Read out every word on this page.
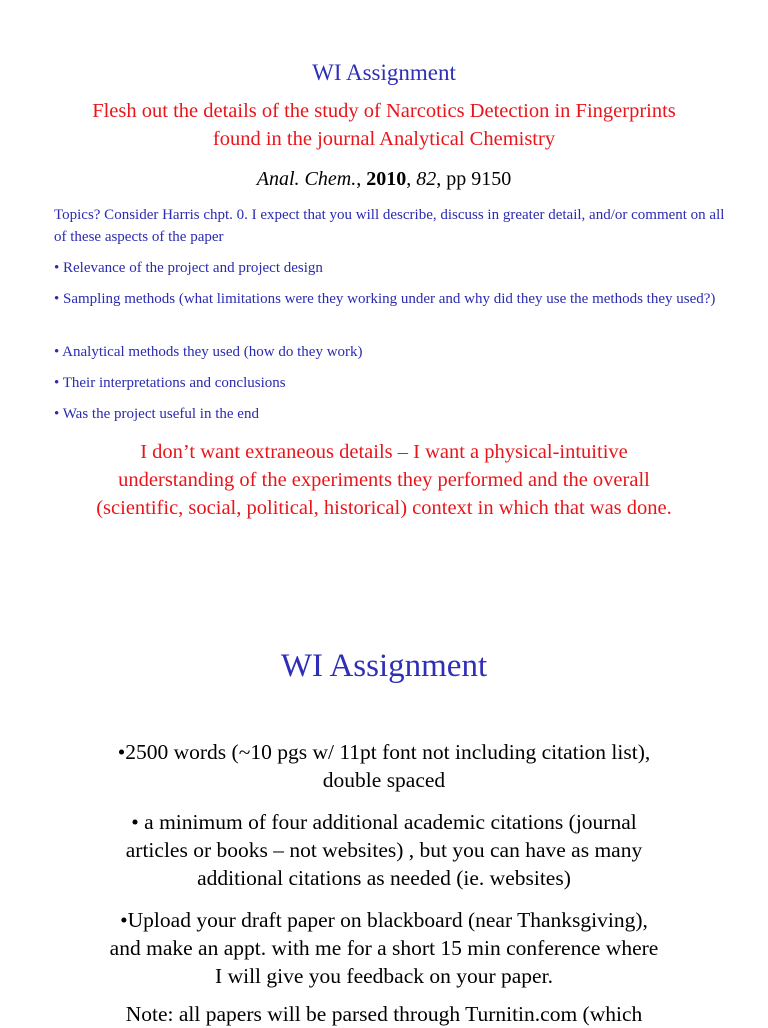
WI Assignment
Flesh out the details of the study of Narcotics Detection in Fingerprints
found in the journal Analytical Chemistry
Anal. Chem., 2010, 82, pp 9150
Topics? Consider Harris chpt. 0. I expect that you will describe, discuss in greater detail, and/or comment on all of these aspects of the paper
• Relevance of the project and project design
• Sampling methods (what limitations were they working under and why did they use the methods they used?)
• Analytical methods they used (how do they work)
• Their interpretations and conclusions
• Was the project useful in the end
I don’t want extraneous details – I want a physical-intuitive
understanding of the experiments they performed and the overall
(scientific, social, political, historical) context in which that was done.
WI Assignment
•2500 words (~10 pgs w/ 11pt font not including citation list),
double spaced
• a minimum of four additional academic citations (journal
articles or books – not websites) , but you can have as many
additional citations as needed (ie. websites)
•Upload your draft paper on blackboard (near Thanksgiving),
and make an appt. with me for a short 15 min conference where
I will give you feedback on your paper.
Note: all papers will be parsed through Turnitin.com (which
